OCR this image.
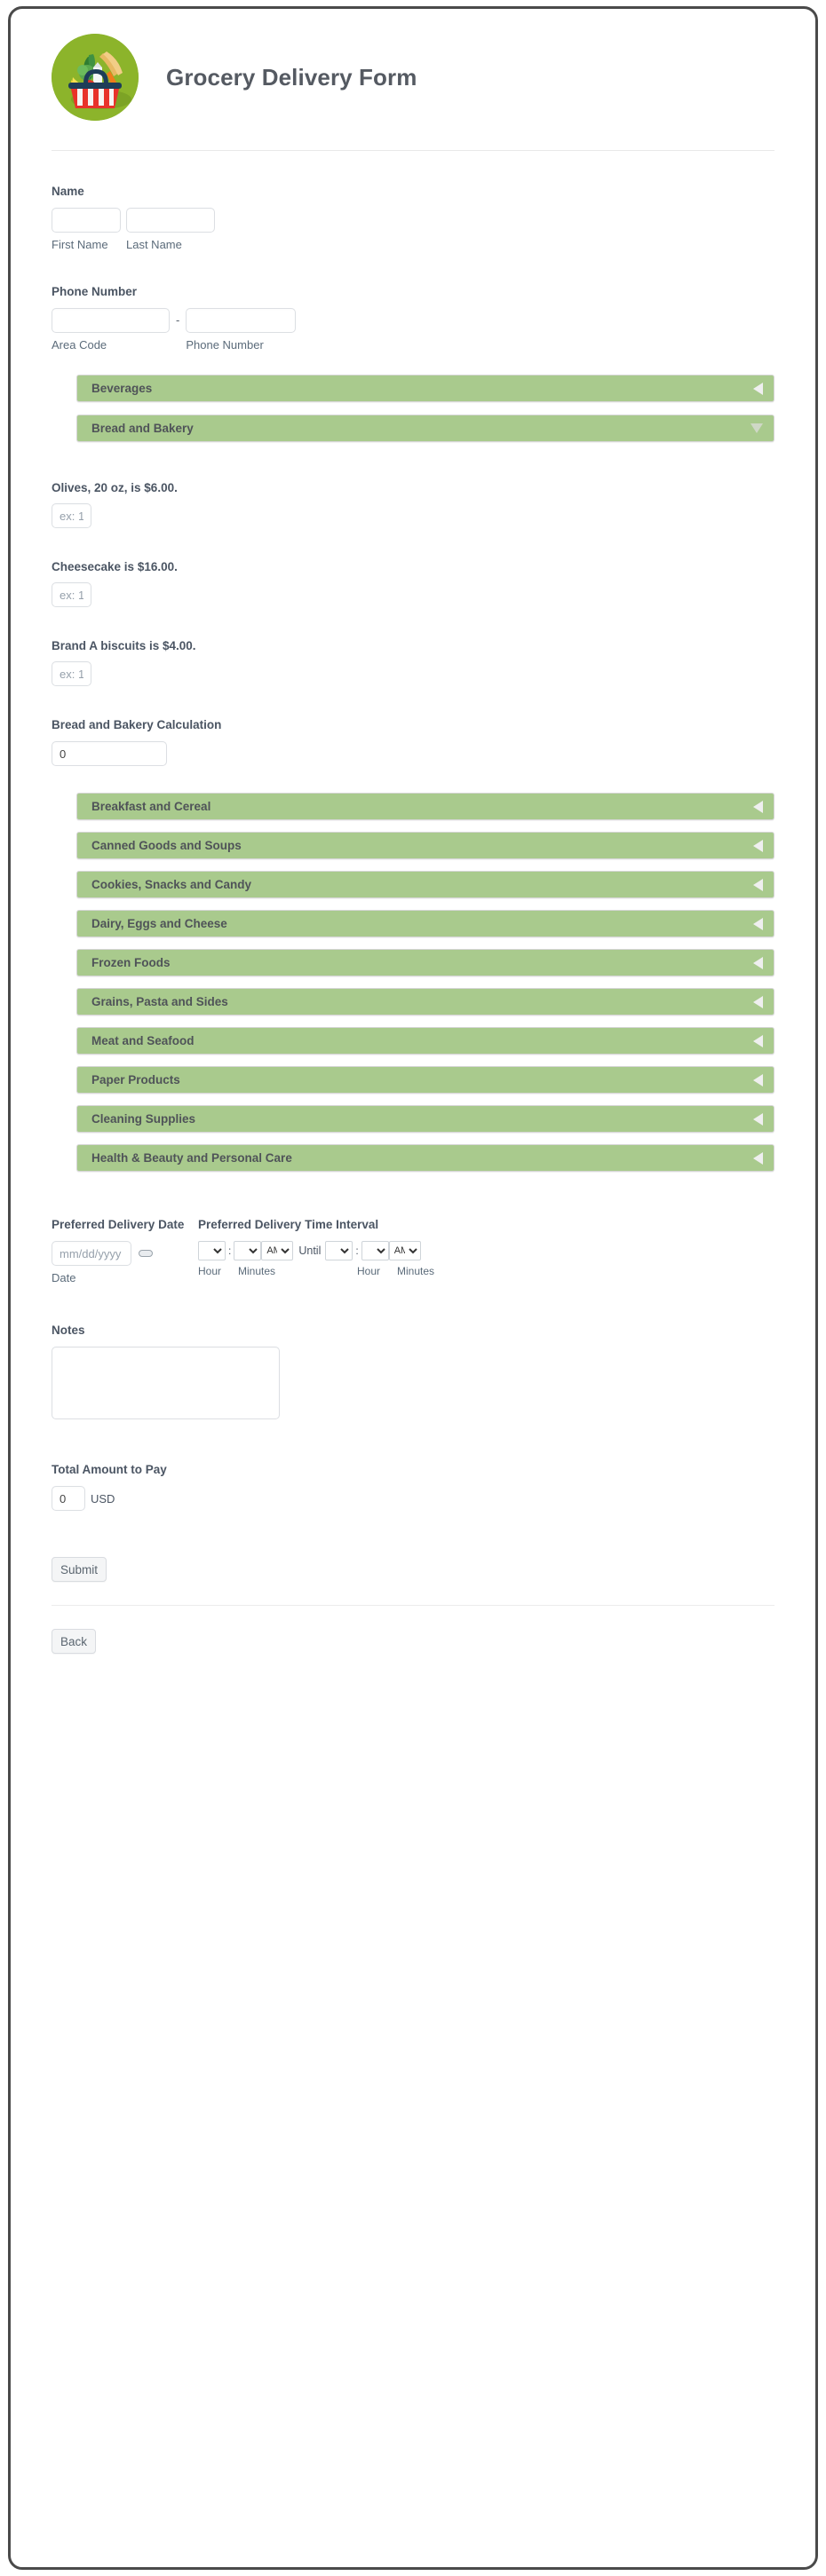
Grocery Delivery Form
Name
First Name	Last Name
Phone Number
Area Code
-
Phone Number
Beverages
Bread and Bakery
Olives, 20 oz, is $6.00.
ex: 1
Cheesecake is $16.00.
ex: 1
Brand A biscuits is $4.00.
ex: 1
Bread and Bakery Calculation
0
Breakfast and Cereal
Canned Goods and Soups
Cookies, Snacks and Candy
Dairy, Eggs and Cheese
Frozen Foods
Grains, Pasta and Sides
Meat and Seafood
Paper Products
Cleaning Supplies
Health & Beauty and Personal Care
Preferred Delivery Date
mm/dd/yyyy
Date
Preferred Delivery Time Interval
:
AM	Until	:
AM
Hour	Minutes	Hour	Minutes
Notes
Total Amount to Pay
0
USD
Submit
Back
